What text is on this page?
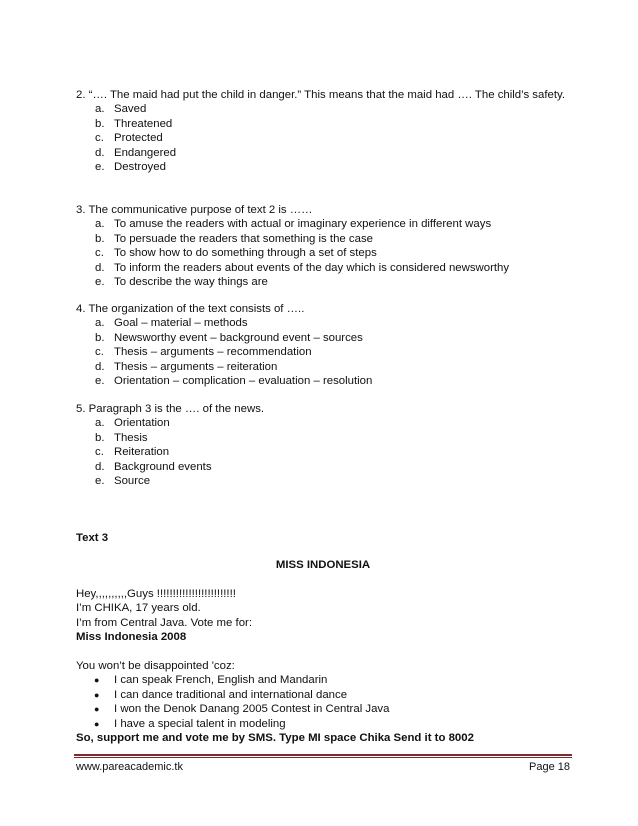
2. “…. The maid had put the child in danger.” This means that the maid had …. The child’s safety.

a. Saved
b. Threatened
c. Protected
d. Endangered
e. Destroyed

3. The communicative purpose of text 2 is ……

a. To amuse the readers with actual or imaginary experience in different ways
b. To persuade the readers that something is the case
c. To show how to do something through a set of steps
d. To inform the readers about events of the day which is considered newsworthy
e. To describe the way things are

4. The organization of the text consists of …..

a. Goal – material – methods
b. Newsworthy event – background event – sources
c. Thesis – arguments – recommendation
d. Thesis – arguments – reiteration
e. Orientation – complication – evaluation – resolution

5. Paragraph 3 is the …. of the news.

a. Orientation
b. Thesis
c. Reiteration
d. Background events
e. Source
Text 3
MISS INDONESIA
Hey,,,,,,,,,,Guys !!!!!!!!!!!!!!!!!!!!!!!!!
I’m CHIKA, 17 years old.
I’m from Central Java. Vote me for:
Miss Indonesia 2008
You won’t be disappointed 'coz:
●	I can speak French, English and Mandarin
●	I can dance traditional and international dance
●	I won the Denok Danang 2005 Contest in Central Java
●	I have a special talent in modeling
So, support me and vote me by SMS. Type MI space Chika Send it to 8002
www.pareacademic.tk	Page 18
